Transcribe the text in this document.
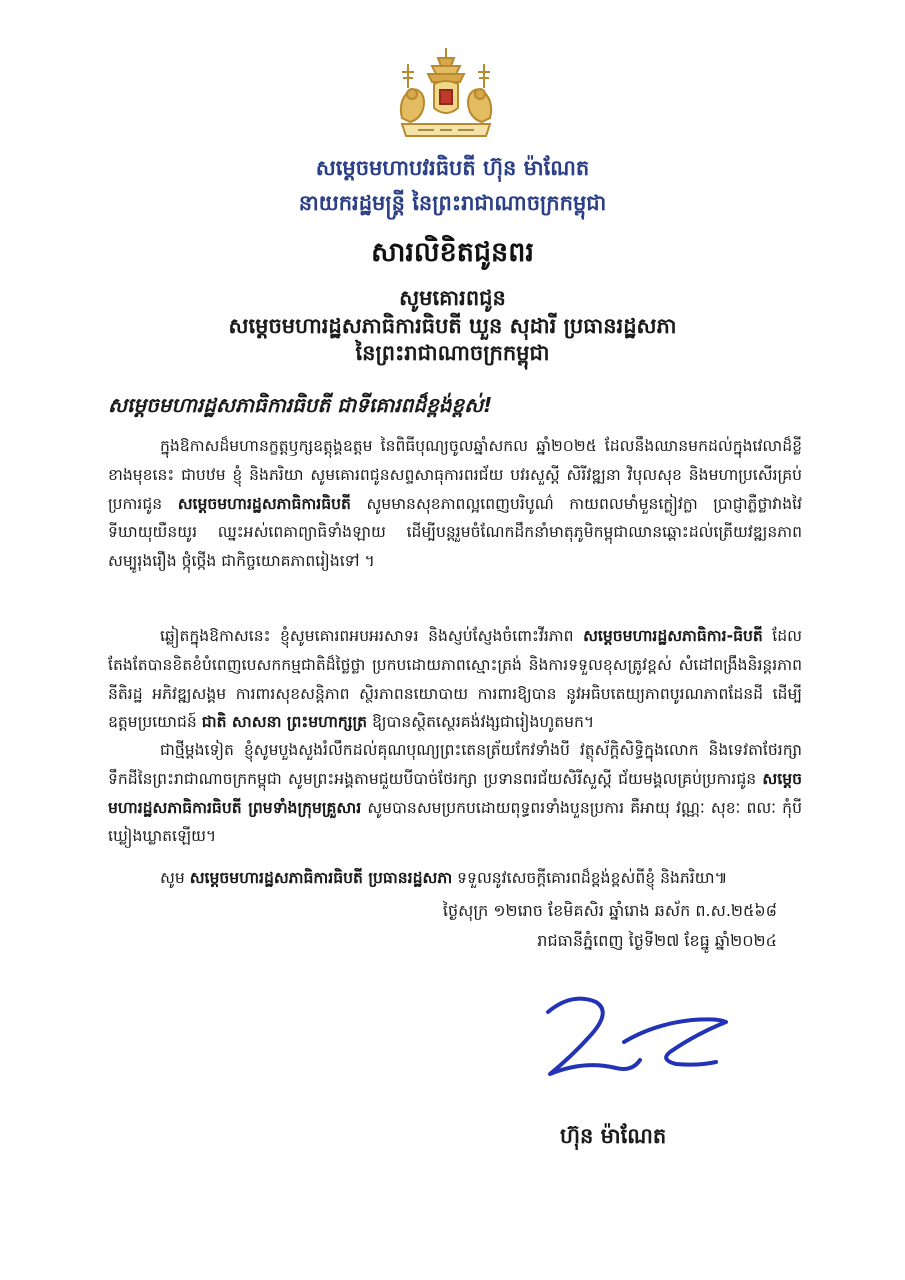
សម្តេចមហាបវរធិបតី ហ៊ុន ម៉ាណែត
នាយករដ្ឋមន្ត្រី នៃព្រះរាជាណាចក្រកម្ពុជា
សារលិខិតជូនពរ
សូមគោរពជូន
សម្តេចមហារដ្ឋសភាធិការធិបតី ឃួន សុដារី ប្រធានរដ្ឋសភា
នៃព្រះរាជាណាចក្រកម្ពុជា
សម្តេចមហារដ្ឋសភាធិការធិបតី ជាទីគោរពដ៏ខ្ពង់ខ្ពស់!
ក្នុងឱកាសដ៏មហានក្ខត្តឫក្សឧត្តុង្គឧត្តម នៃពិធីបុណ្យចូលឆ្នាំសកល ឆ្នាំ២០២៥ ដែលនឹងឈានមកដល់ក្នុងវេលាដ៏ខ្លីខាងមុខនេះ ជាបឋម ខ្ញុំ និងភរិយា សូមគោរពជូនសព្ទសាធុការពរជ័យ បវរសួស្តី សិរីវឌ្ឍនា វិបុលសុខ និងមហាប្រសើរគ្រប់ប្រការជូន សម្តេចមហារដ្ឋសភាធិការធិបតី សូមមានសុខភាពល្អពេញបរិបូណ៌ កាយពលមាំមួនក្លៀវក្លា ប្រាជ្ញាភ្លឺថ្លាវាងវៃ ទីឃាយុយឺនយូរ ឈ្នះអស់ពេគាព្យាធិទាំងឡាយ ដើម្បីបន្តរួមចំណែកដឹកនាំមាតុភូមិកម្ពុជាឈានឆ្ពោះដល់ត្រើយវឌ្ឍនភាព សម្បូរុងរឿង ថ្កុំថ្កើង ជាកិច្ចយោគភាពរៀងទៅ ។
ឆ្លៀតក្នុងឱកាសនេះ ខ្ញុំសូមគោរពអបអរសាទរ និងស្ញប់ស្ញែងចំពោះវីរភាព សម្តេចមហារដ្ឋសភាធិការ-ធិបតី ដែលតែងតែបានខិតខំបំពេញបេសកកម្មជាតិដ៏ថ្លៃថ្លា ប្រកបដោយភាពស្មោះត្រង់ និងការទទួលខុសត្រូវខ្ពស់ សំដៅពង្រឹងនិរន្តរភាពនីតិរដ្ឋ អភិវឌ្ឍសង្គម ការពារសុខសន្តិភាព ស្ថិរភាពនយោបាយ ការពារឱ្យបាន នូវអធិបតេយ្យភាពបូរណភាពដែនដី ដើម្បីឧត្តមប្រយោជន៍ ជាតិ សាសនា ព្រះមហាក្សត្រ ឱ្យបានស្ថិតស្ថេរគង់វង្សជារៀងហូតមក។
ជាថ្មីម្តងទៀត ខ្ញុំសូមបួងសួងរំលឹកដល់គុណបុណ្យព្រះតេនត្រ័យកែវទាំងបី វត្ថុស័ក្តិសិទ្ធិក្នុងលោក និងទេវតាថែរក្សាទឹកដីនៃព្រះរាជាណាចក្រកម្ពុជា សូមព្រះអង្គតាមជួយបីបាច់ថែរក្សា ប្រទានពរជ័យសិរីសួស្តី ជ័យមង្គលគ្រប់ប្រការជូន សម្តេចមហារដ្ឋសភាធិការធិបតី ព្រមទាំងក្រុមគ្រួសារ សូមបានសមប្រកបដោយពុទ្ធពរទាំងបួនប្រការ គឺអាយុ វណ្ណៈ សុខៈ ពលៈ កុំបីឃ្លៀងឃ្លាតឡើយ។
សូម សម្តេចមហារដ្ឋសភាធិការធិបតី ប្រធានរដ្ឋសភា ទទួលនូវសេចក្តីគោរពដ៏ខ្ពង់ខ្ពស់ពីខ្ញុំ និងភរិយា៕
ថ្ងៃសុក្រ ១២រោច ខែមិគសិរ ឆ្នាំរោង ឆស័ក ព.ស.២៥៦៨
រាជធានីភ្នំពេញ ថ្ងៃទី២៧ ខែធ្នូ ឆ្នាំ២០២៤
ហ៊ុន ម៉ាណែត
